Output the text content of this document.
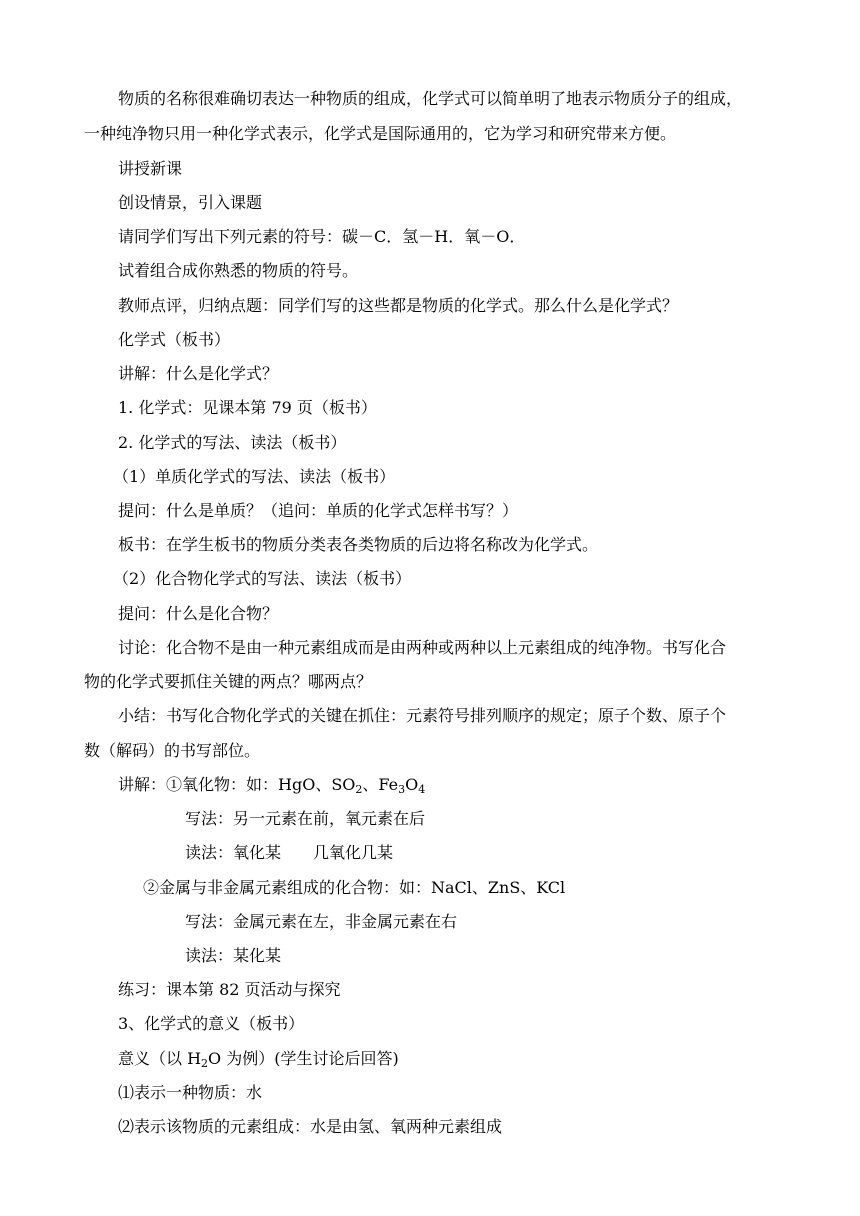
物质的名称很难确切表达一种物质的组成，化学式可以简单明了地表示物质分子的组成，
一种纯净物只用一种化学式表示，化学式是国际通用的，它为学习和研究带来方便。
讲授新课
创设情景，引入课题
请同学们写出下列元素的符号：碳－C．氢－H．氧－O．
试着组合成你熟悉的物质的符号。
教师点评，归纳点题：同学们写的这些都是物质的化学式。那么什么是化学式？
化学式（板书）
讲解：什么是化学式？
1. 化学式：见课本第 79 页（板书）
2. 化学式的写法、读法（板书）
（1）单质化学式的写法、读法（板书）
提问：什么是单质？（追问：单质的化学式怎样书写？）
板书：在学生板书的物质分类表各类物质的后边将名称改为化学式。
（2）化合物化学式的写法、读法（板书）
提问：什么是化合物？
讨论：化合物不是由一种元素组成而是由两种或两种以上元素组成的纯净物。书写化合
物的化学式要抓住关键的两点？哪两点？
小结：书写化合物化学式的关键在抓住：元素符号排列顺序的规定；原子个数、原子个
数（解码）的书写部位。
讲解：①氧化物：如：HgO、$SO_2$、$Fe_3O_4$
写法：另一元素在前，氧元素在后
读法：氧化某　　几氧化几某
②金属与非金属元素组成的化合物：如：NaCl、ZnS、KCl
写法：金属元素在左，非金属元素在右
读法：某化某
练习：课本第 82 页活动与探究
3、化学式的意义（板书）
意义（以 $H_2O$ 为例）(学生讨论后回答)
⑴表示一种物质：水
⑵表示该物质的元素组成：水是由氢、氧两种元素组成
